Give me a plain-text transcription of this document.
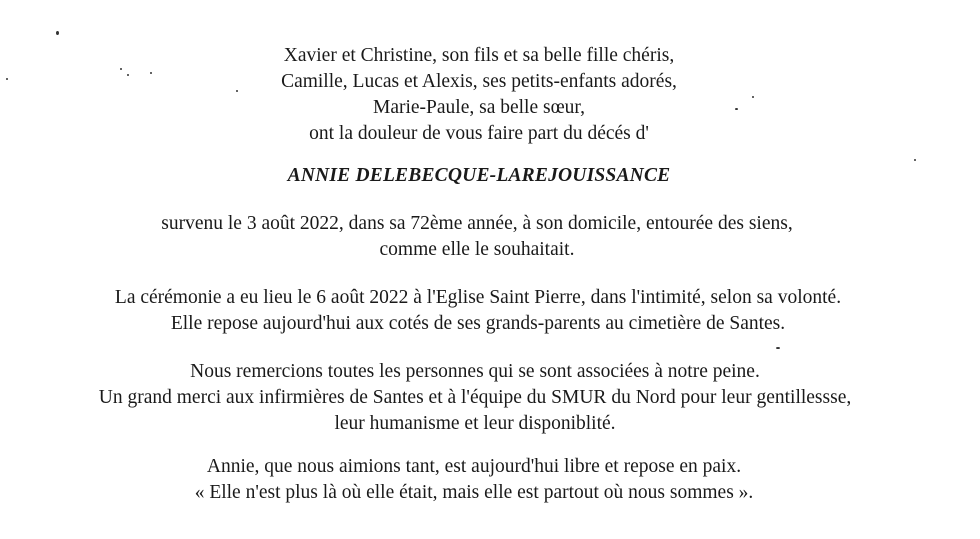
Xavier et Christine, son fils et sa belle fille chéris,
Camille, Lucas et Alexis, ses petits-enfants adorés,
Marie-Paule, sa belle sœur,
ont la douleur de vous faire part du décés d'
ANNIE DELEBECQUE-LAREJOUISSANCE
survenu le 3 août 2022, dans sa 72ème année, à son domicile, entourée des siens,
comme elle le souhaitait.
La cérémonie a eu lieu le 6 août 2022 à l'Eglise Saint Pierre, dans l'intimité, selon sa volonté.
Elle repose aujourd'hui aux cotés de ses grands-parents au cimetière de Santes.
Nous remercions toutes les personnes qui se sont associées à notre peine.
Un grand merci aux infirmières de Santes et à l'équipe du SMUR du Nord pour leur gentillessse,
leur humanisme et leur disponiblité.
Annie, que nous aimions tant, est aujourd'hui libre et repose en paix.
« Elle n'est plus là où elle était, mais elle est partout où nous sommes ».
